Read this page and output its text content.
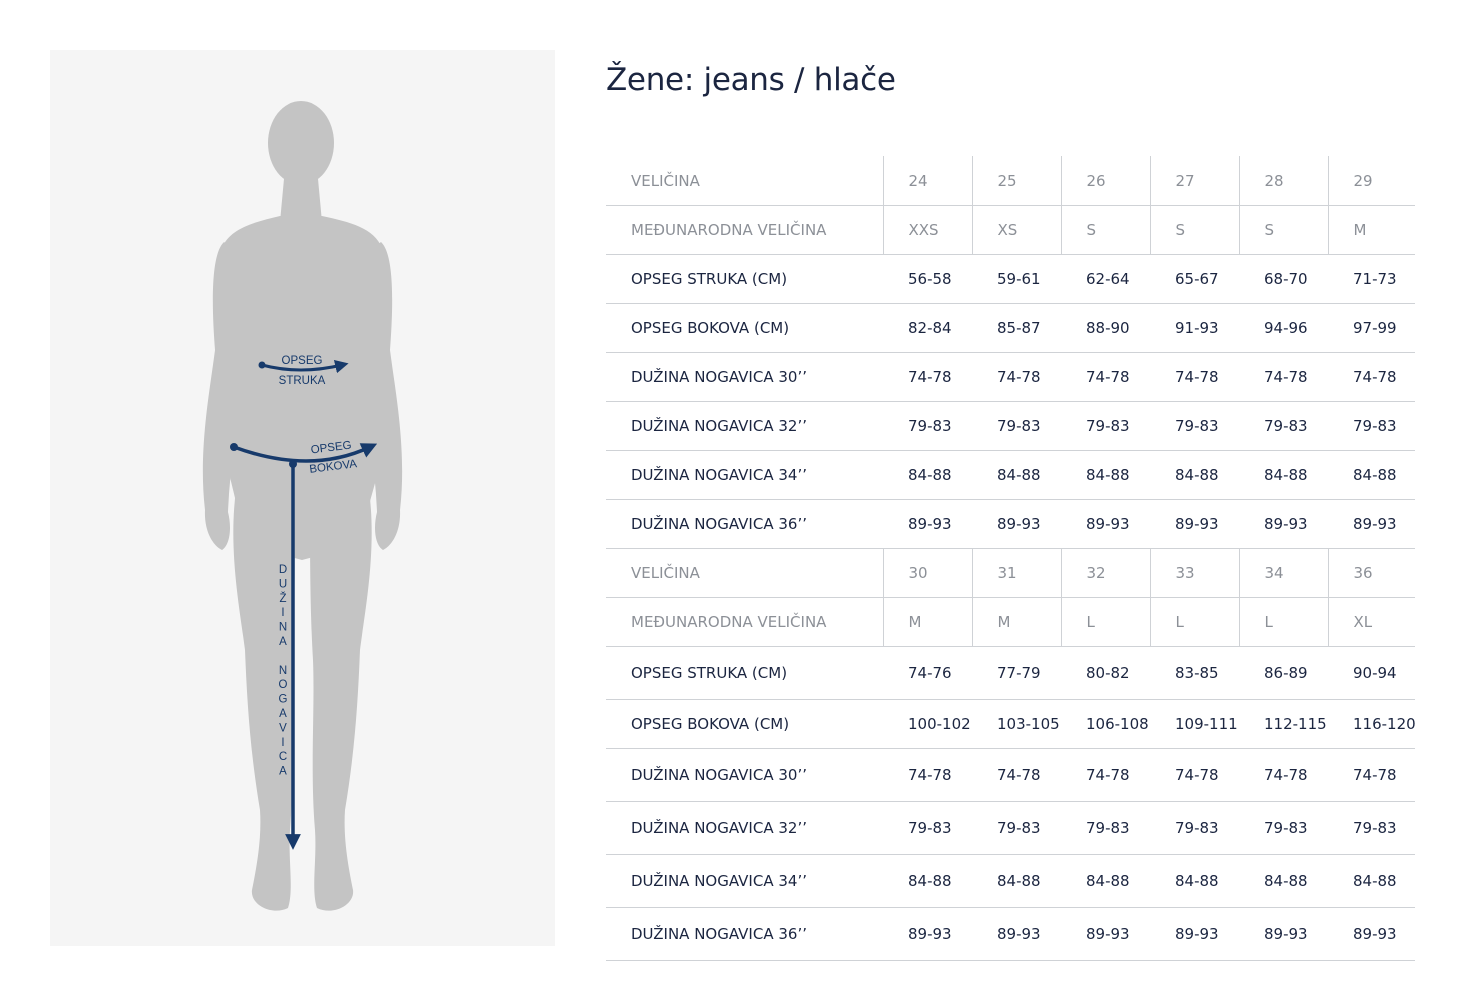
OPSEG
STRUKA
OPSEG
BOKOVA
D
U
Ž
I
N
A
N
O
G
A
V
I
C
A
Žene: jeans / hlače
VELIČINA	24	25	26	27	28	29
MEĐUNARODNA VELIČINA	XXS	XS	S	S	S	M
OPSEG STRUKA (CM)	56-58	59-61	62-64	65-67	68-70	71-73
OPSEG BOKOVA (CM)	82-84	85-87	88-90	91-93	94-96	97-99
DUŽINA NOGAVICA 30’’	74-78	74-78	74-78	74-78	74-78	74-78
DUŽINA NOGAVICA 32’’	79-83	79-83	79-83	79-83	79-83	79-83
DUŽINA NOGAVICA 34’’	84-88	84-88	84-88	84-88	84-88	84-88
DUŽINA NOGAVICA 36’’	89-93	89-93	89-93	89-93	89-93	89-93
VELIČINA	30	31	32	33	34	36
MEĐUNARODNA VELIČINA	M	M	L	L	L	XL
OPSEG STRUKA (CM)	74-76	77-79	80-82	83-85	86-89	90-94
OPSEG BOKOVA (CM)	100-102	103-105	106-108	109-111	112-115	116-120
DUŽINA NOGAVICA 30’’	74-78	74-78	74-78	74-78	74-78	74-78
DUŽINA NOGAVICA 32’’	79-83	79-83	79-83	79-83	79-83	79-83
DUŽINA NOGAVICA 34’’	84-88	84-88	84-88	84-88	84-88	84-88
DUŽINA NOGAVICA 36’’	89-93	89-93	89-93	89-93	89-93	89-93
